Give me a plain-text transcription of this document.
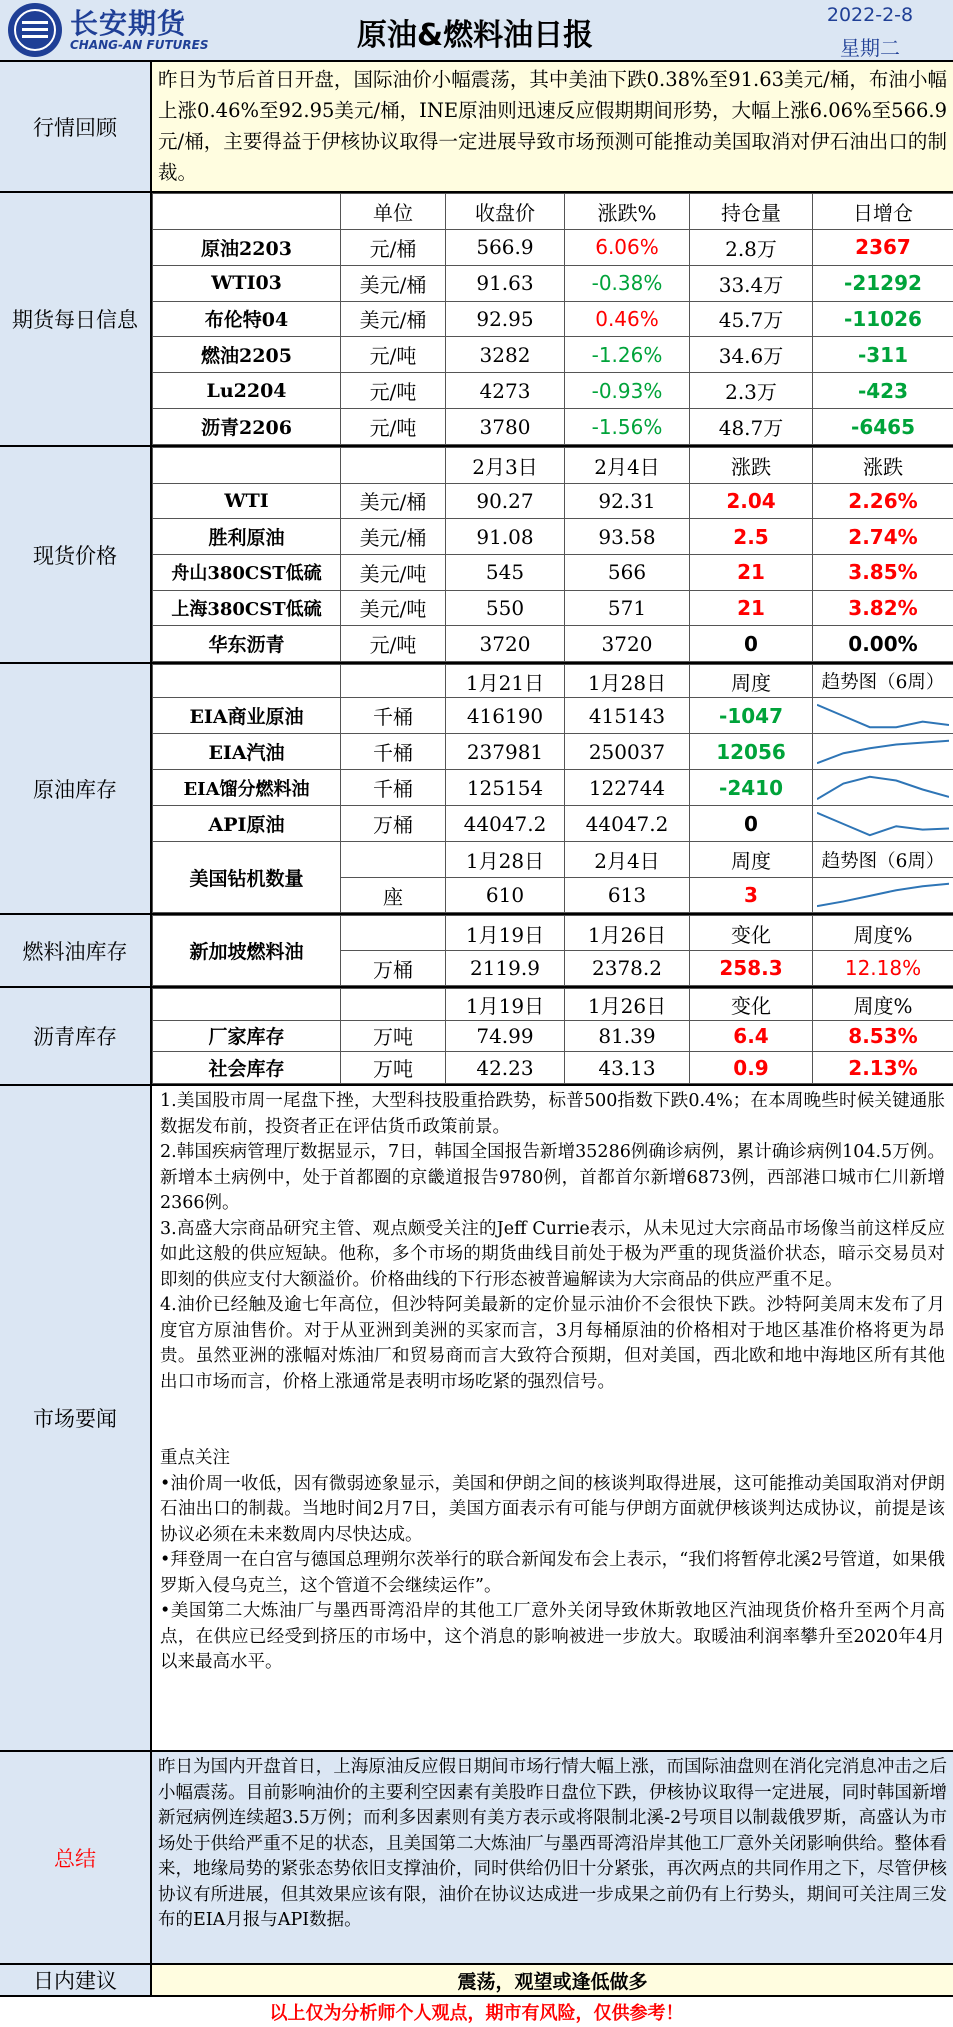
长安期货
CHANG-AN FUTURES	原油&燃料油日报
2022-2-8
星期二
行情回顾
昨日为节后首日开盘，国际油价小幅震荡，其中美油下跌0.38%至91.63美元/桶，布油小幅上涨0.46%至92.95美元/桶，INE原油则迅速反应假期期间形势，大幅上涨6.06%至566.9元/桶，主要得益于伊核协议取得一定进展导致市场预测可能推动美国取消对伊石油出口的制裁。
期货每日信息
	单位	收盘价	涨跌%	持仓量	日增仓
原油2203	元/桶	566.9	6.06%	2.8万	2367
WTI03	美元/桶	91.63	-0.38%	33.4万	-21292
布伦特04	美元/桶	92.95	0.46%	45.7万	-11026
燃油2205	元/吨	3282	-1.26%	34.6万	-311
Lu2204	元/吨	4273	-0.93%	2.3万	-423
沥青2206	元/吨	3780	-1.56%	48.7万	-6465
现货价格
		2月3日	2月4日	涨跌	涨跌
WTI	美元/桶	90.27	92.31	2.04	2.26%
胜利原油	美元/桶	91.08	93.58	2.5	2.74%
舟山380CST低硫	美元/吨	545	566	21	3.85%
上海380CST低硫	美元/吨	550	571	21	3.82%
华东沥青	元/吨	3720	3720	0	0.00%
原油库存
		1月21日	1月28日	周度	趋势图（6周）
EIA商业原油	千桶	416190	415143	-1047	

EIA汽油	千桶	237981	250037	12056	

EIA馏分燃料油	千桶	125154	122744	-2410	

API原油	万桶	44047.2	44047.2	0	

美国钻机数量		1月28日	2月4日	周度	趋势图（6周）
	座	610	613	3	
燃料油库存	新加坡燃料油		1月19日	1月26日	变化	周度%
	万桶	2119.9	2378.2	258.3	12.18%
沥青库存
		1月19日	1月26日	变化	周度%
厂家库存	万吨	74.99	81.39	6.4	8.53%
社会库存	万吨	42.23	43.13	0.9	2.13%
市场要闻

1.美国股市周一尾盘下挫，大型科技股重拾跌势，标普500指数下跌0.4%；在本周晚些时候关键通胀数据发布前，投资者正在评估货币政策前景。

2.韩国疾病管理厅数据显示，7日，韩国全国报告新增35286例确诊病例，累计确诊病例104.5万例。新增本土病例中，处于首都圈的京畿道报告9780例，首都首尔新增6873例，西部港口城市仁川新增2366例。

3.高盛大宗商品研究主管、观点颇受关注的Jeff Currie表示，从未见过大宗商品市场像当前这样反应如此这般的供应短缺。他称，多个市场的期货曲线目前处于极为严重的现货溢价状态，暗示交易员对即刻的供应支付大额溢价。价格曲线的下行形态被普遍解读为大宗商品的供应严重不足。

4.油价已经触及逾七年高位，但沙特阿美最新的定价显示油价不会很快下跌。沙特阿美周末发布了月度官方原油售价。对于从亚洲到美洲的买家而言，3月每桶原油的价格相对于地区基准价格将更为昂贵。虽然亚洲的涨幅对炼油厂和贸易商而言大致符合预期，但对美国，西北欧和地中海地区所有其他出口市场而言，价格上涨通常是表明市场吃紧的强烈信号。

重点关注

•油价周一收低，因有微弱迹象显示，美国和伊朗之间的核谈判取得进展，这可能推动美国取消对伊朗石油出口的制裁。当地时间2月7日，美国方面表示有可能与伊朗方面就伊核谈判达成协议，前提是该协议必须在未来数周内尽快达成。

•拜登周一在白宫与德国总理朔尔茨举行的联合新闻发布会上表示，“我们将暂停北溪2号管道，如果俄罗斯入侵乌克兰，这个管道不会继续运作”。

•美国第二大炼油厂与墨西哥湾沿岸的其他工厂意外关闭导致休斯敦地区汽油现货价格升至两个月高点，在供应已经受到挤压的市场中，这个消息的影响被进一步放大。取暖油利润率攀升至2020年4月以来最高水平。

总结
昨日为国内开盘首日，上海原油反应假日期间市场行情大幅上涨，而国际油盘则在消化完消息冲击之后小幅震荡。目前影响油价的主要利空因素有美股昨日盘位下跌，伊核协议取得一定进展，同时韩国新增新冠病例连续超3.5万例；而利多因素则有美方表示或将限制北溪-2号项目以制裁俄罗斯，高盛认为市场处于供给严重不足的状态，且美国第二大炼油厂与墨西哥湾沿岸其他工厂意外关闭影响供给。整体看来，地缘局势的紧张态势依旧支撑油价，同时供给仍旧十分紧张，再次两点的共同作用之下，尽管伊核协议有所进展，但其效果应该有限，油价在协议达成进一步成果之前仍有上行势头，期间可关注周三发布的EIA月报与API数据。
日内建议	震荡，观望或逢低做多
以上仅为分析师个人观点，期市有风险，仅供参考！
